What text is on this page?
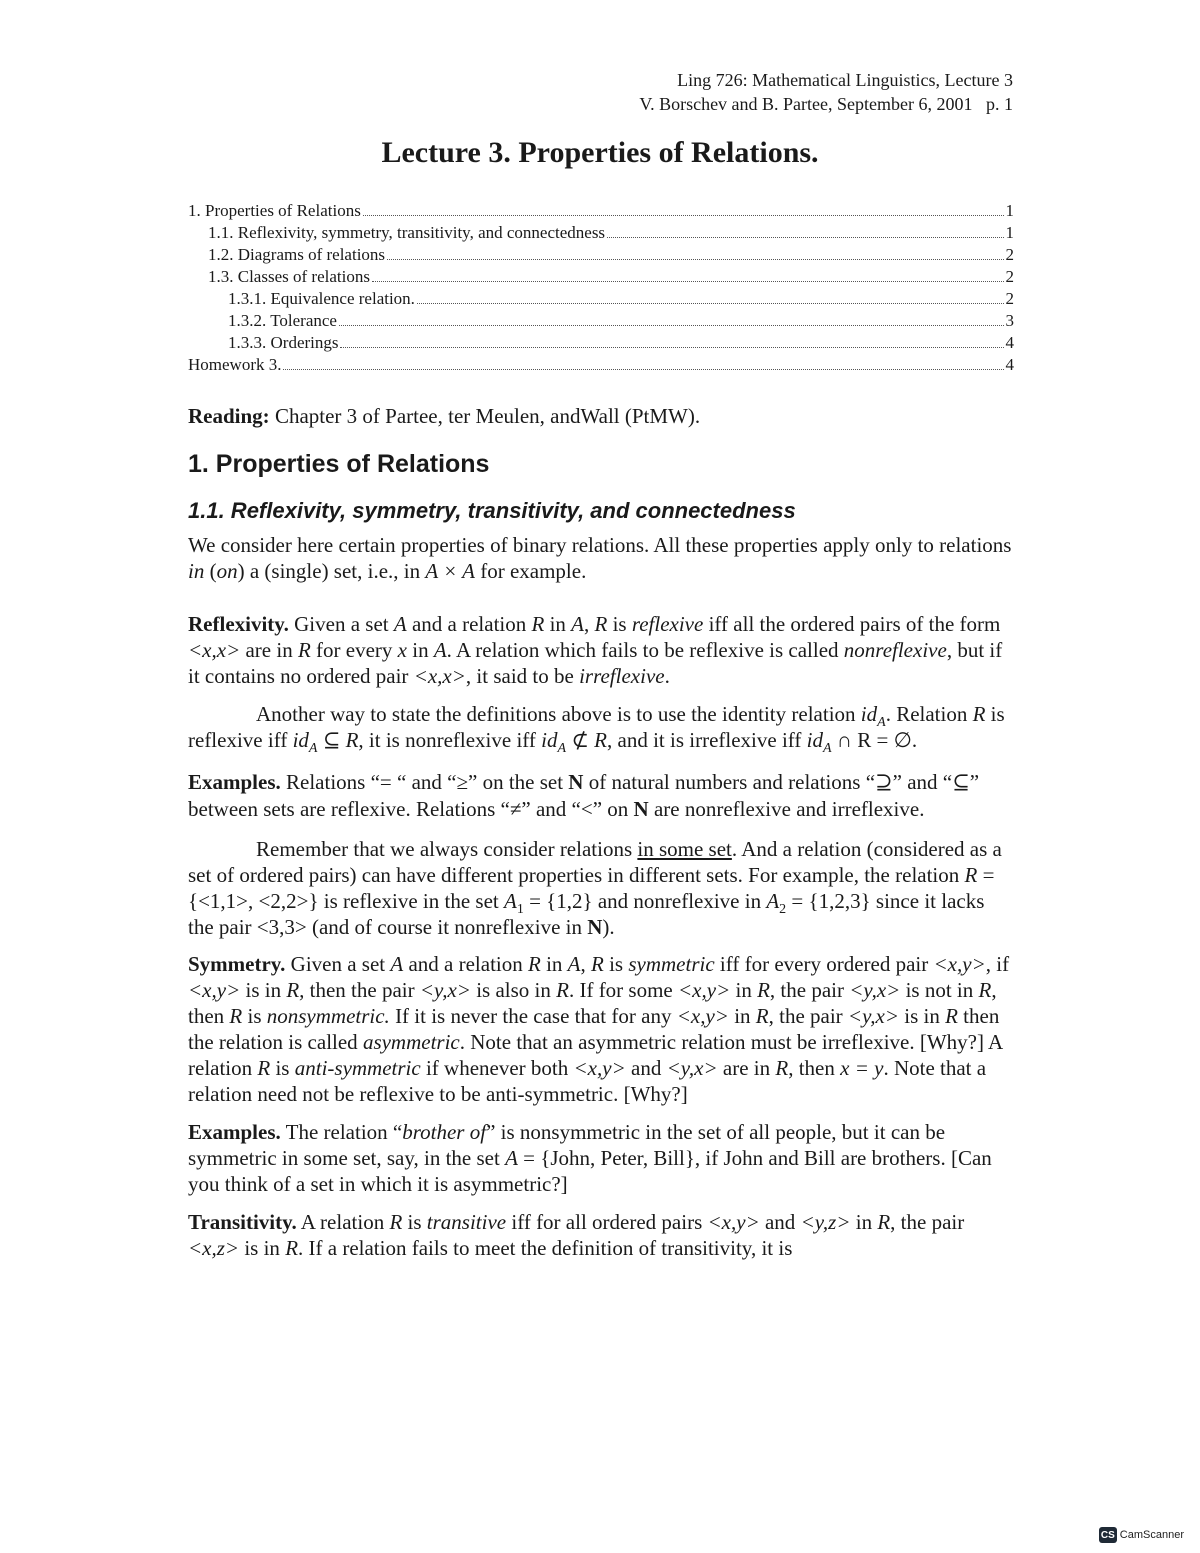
Ling 726: Mathematical Linguistics, Lecture 3
V. Borschev and B. Partee, September 6, 2001   p. 1
Lecture 3. Properties of Relations.
1. Properties of Relations	1
1.1. Reflexivity, symmetry, transitivity, and connectedness	1
1.2. Diagrams of relations	2
1.3. Classes of relations	2
1.3.1. Equivalence relation.	2
1.3.2. Tolerance	3
1.3.3. Orderings	4
Homework 3.	4
Reading: Chapter 3 of Partee, ter Meulen, andWall (PtMW).
1. Properties of Relations
1.1. Reflexivity, symmetry, transitivity, and connectedness

We consider here certain properties of binary relations. All these properties apply only to relations in (on) a (single) set, i.e., in A × A for example.

Reflexivity. Given a set A and a relation R in A, R is reflexive iff all the ordered pairs of the form <x,x> are in R for every x in A. A relation which fails to be reflexive is called nonreflexive, but if it contains no ordered pair <x,x>, it said to be irreflexive.

Another way to state the definitions above is to use the identity relation $id_A$. Relation R is reflexive iff $id_A$ ⊆ R, it is nonreflexive iff $id_A$ ⊄ R, and it is irreflexive iff $id_A$ ∩ R = ∅.

Examples. Relations “= “ and “≥” on the set N of natural numbers and relations “⊇” and “⊆” between sets are reflexive. Relations “≠” and “<” on N are nonreflexive and irreflexive.

Remember that we always consider relations in some set. And a relation (considered as a set of ordered pairs) can have different properties in different sets. For example, the relation R = {<1,1>, <2,2>} is reflexive in the set $A_1 = \{1,2\}$ and nonreflexive in $A_2 = \{1,2,3\}$ since it lacks the pair <3,3> (and of course it nonreflexive in N).

Symmetry. Given a set A and a relation R in A, R is symmetric iff for every ordered pair <x,y>, if <x,y> is in R, then the pair <y,x> is also in R. If for some <x,y> in R, the pair <y,x> is not in R, then R is nonsymmetric. If it is never the case that for any <x,y> in R, the pair <y,x> is in R then the relation is called asymmetric. Note that an asymmetric relation must be irreflexive. [Why?] A relation R is anti-symmetric if whenever both <x,y> and <y,x> are in R, then x = y. Note that a relation need not be reflexive to be anti-symmetric. [Why?]

Examples. The relation “brother of” is nonsymmetric in the set of all people, but it can be symmetric in some set, say, in the set A = {John, Peter, Bill}, if John and Bill are brothers. [Can you think of a set in which it is asymmetric?]

Transitivity. A relation R is transitive iff for all ordered pairs <x,y> and <y,z> in R, the pair <x,z> is in R. If a relation fails to meet the definition of transitivity, it is

CS CamScanner
